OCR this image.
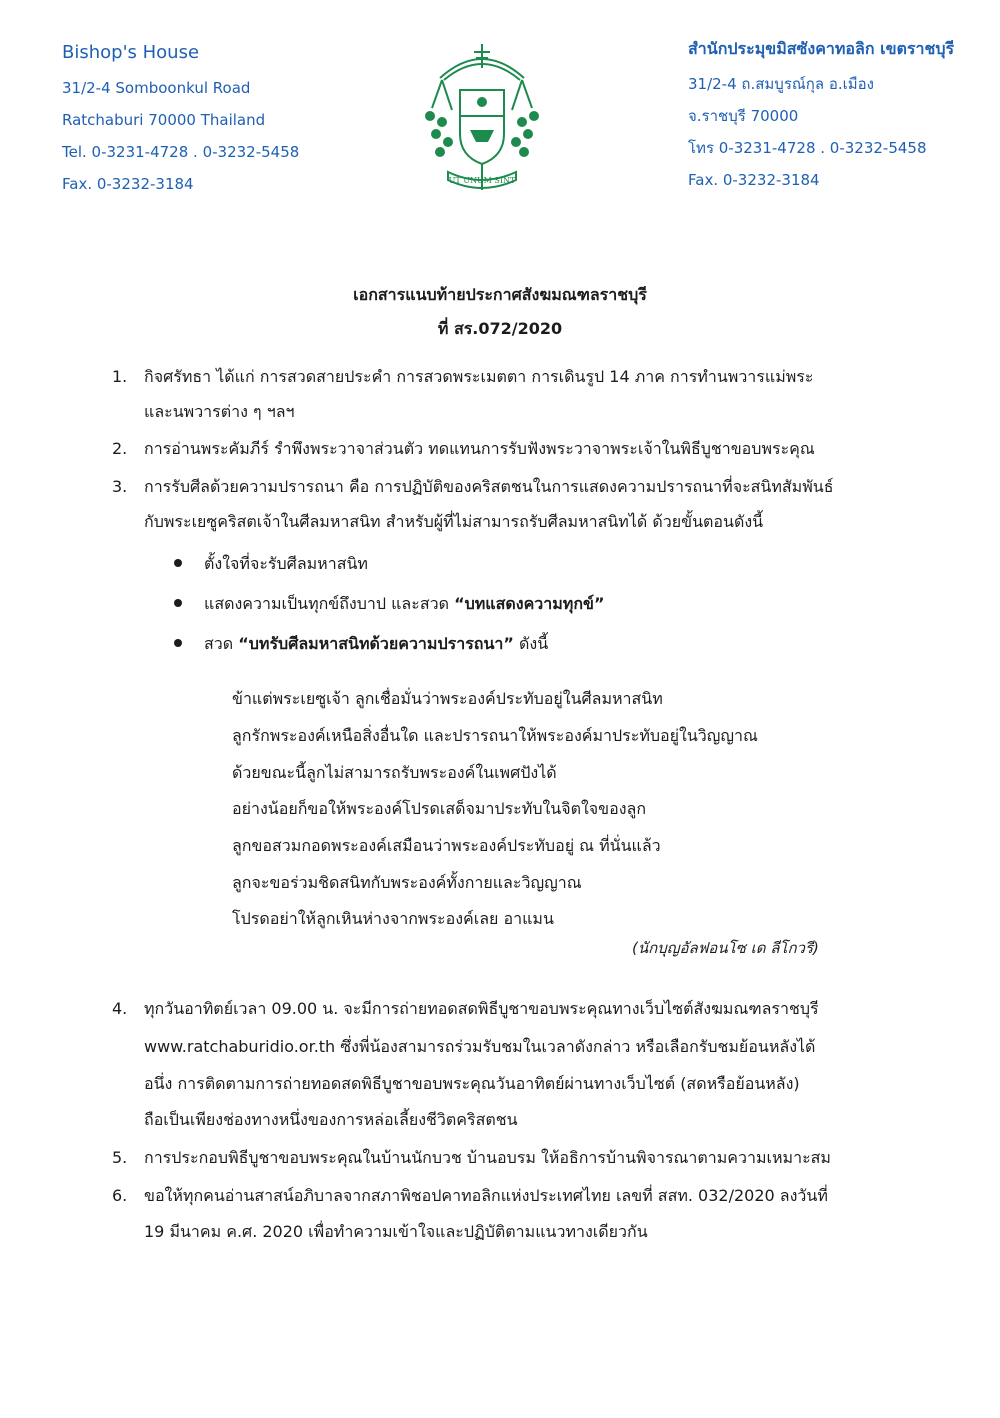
Bishop's House
31/2-4 Somboonkul Road
Ratchaburi 70000 Thailand
Tel. 0-3231-4728 . 0-3232-5458
Fax. 0-3232-3184	UT UNUM SINT
สำนักประมุขมิสซังคาทอลิก เขตราชบุรี
31/2-4 ถ.สมบูรณ์กุล อ.เมือง
จ.ราชบุรี 70000
โทร 0-3231-4728 . 0-3232-5458
Fax. 0-3232-3184
เอกสารแนบท้ายประกาศสังฆมณฑลราชบุรี
ที่ สร.072/2020
1. กิจศรัทธา ได้แก่ การสวดสายประคำ การสวดพระเมตตา การเดินรูป 14 ภาค การทำนพวารแม่พระ
และนพวารต่าง ๆ ฯลฯ
2. การอ่านพระคัมภีร์ รำพึงพระวาจาส่วนตัว ทดแทนการรับฟังพระวาจาพระเจ้าในพิธีบูชาขอบพระคุณ
3. การรับศีลด้วยความปรารถนา คือ การปฏิบัติของคริสตชนในการแสดงความปรารถนาที่จะสนิทสัมพันธ์
กับพระเยซูคริสตเจ้าในศีลมหาสนิท สำหรับผู้ที่ไม่สามารถรับศีลมหาสนิทได้ ด้วยขั้นตอนดังนี้
ตั้งใจที่จะรับศีลมหาสนิท
แสดงความเป็นทุกข์ถึงบาป และสวด “บทแสดงความทุกข์”
สวด “บทรับศีลมหาสนิทด้วยความปรารถนา” ดังนี้
ข้าแต่พระเยซูเจ้า ลูกเชื่อมั่นว่าพระองค์ประทับอยู่ในศีลมหาสนิท
ลูกรักพระองค์เหนือสิ่งอื่นใด และปรารถนาให้พระองค์มาประทับอยู่ในวิญญาณ
ด้วยขณะนี้ลูกไม่สามารถรับพระองค์ในเพศปังได้
อย่างน้อยก็ขอให้พระองค์โปรดเสด็จมาประทับในจิตใจของลูก
ลูกขอสวมกอดพระองค์เสมือนว่าพระองค์ประทับอยู่ ณ ที่นั่นแล้ว
ลูกจะขอร่วมชิดสนิทกับพระองค์ทั้งกายและวิญญาณ
โปรดอย่าให้ลูกเหินห่างจากพระองค์เลย อาแมน
(นักบุญอัลฟอนโซ เด ลีโกวรี)
4. ทุกวันอาทิตย์เวลา 09.00 น. จะมีการถ่ายทอดสดพิธีบูชาขอบพระคุณทางเว็บไซต์สังฆมณฑลราชบุรี
www.ratchaburidio.or.th ซึ่งพี่น้องสามารถร่วมรับชมในเวลาดังกล่าว หรือเลือกรับชมย้อนหลังได้
อนึ่ง การติดตามการถ่ายทอดสดพิธีบูชาขอบพระคุณวันอาทิตย์ผ่านทางเว็บไซต์ (สดหรือย้อนหลัง)
ถือเป็นเพียงช่องทางหนึ่งของการหล่อเลี้ยงชีวิตคริสตชน
5. การประกอบพิธีบูชาขอบพระคุณในบ้านนักบวช บ้านอบรม ให้อธิการบ้านพิจารณาตามความเหมาะสม
6. ขอให้ทุกคนอ่านสาสน์อภิบาลจากสภาพิชอปคาทอลิกแห่งประเทศไทย เลขที่ สสท. 032/2020 ลงวันที่
19 มีนาคม ค.ศ. 2020 เพื่อทำความเข้าใจและปฏิบัติตามแนวทางเดียวกัน
